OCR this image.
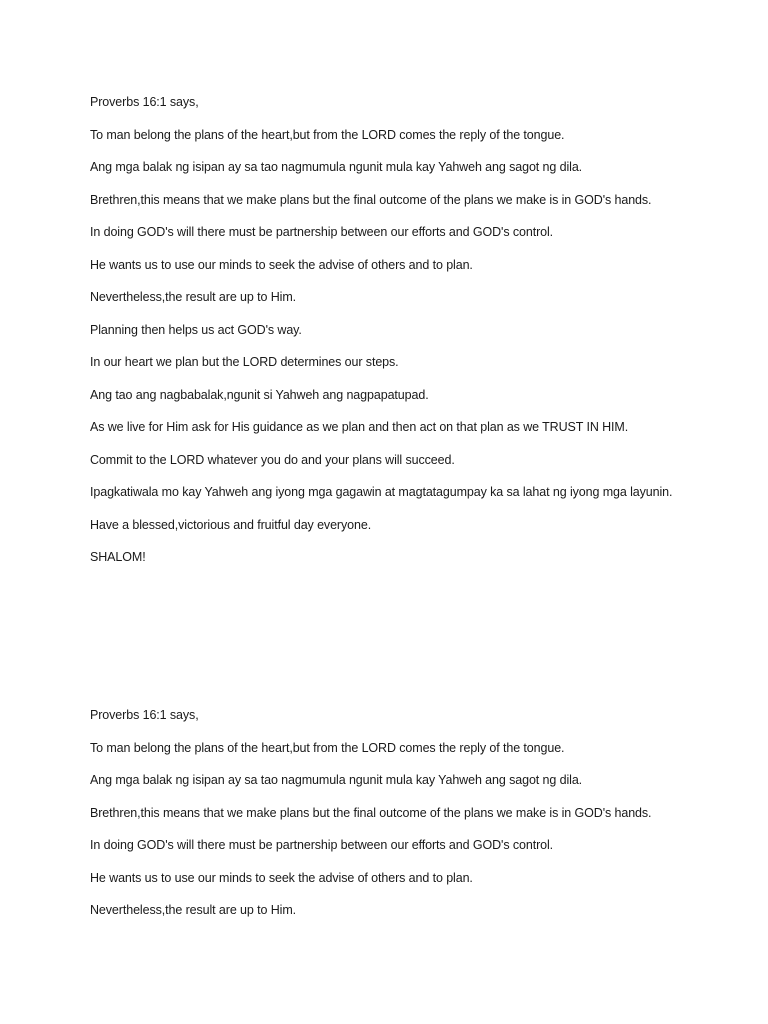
Proverbs 16:1 says,

To man belong the plans of the heart,but from the LORD comes the reply of the tongue.

Ang mga balak ng isipan ay sa tao nagmumula ngunit mula kay Yahweh ang sagot ng dila.

Brethren,this means that we make plans but the final outcome of the plans we make is in GOD's hands.

In doing GOD's will there must be partnership between our efforts and GOD's control.

He wants us to use our minds to seek the advise of others and to plan.

Nevertheless,the result are up to Him.

Planning then helps us act GOD's way.

In our heart we plan but the LORD determines our steps.

Ang tao ang nagbabalak,ngunit si Yahweh ang nagpapatupad.

As we live for Him ask for His guidance as we plan and then act on that plan as we TRUST IN HIM.

Commit to the LORD whatever you do and your plans will succeed.

Ipagkatiwala mo kay Yahweh ang iyong mga gagawin at magtatagumpay ka sa lahat ng iyong mga layunin.

Have a blessed,victorious and fruitful day everyone.

SHALOM!

Proverbs 16:1 says,

To man belong the plans of the heart,but from the LORD comes the reply of the tongue.

Ang mga balak ng isipan ay sa tao nagmumula ngunit mula kay Yahweh ang sagot ng dila.

Brethren,this means that we make plans but the final outcome of the plans we make is in GOD's hands.

In doing GOD's will there must be partnership between our efforts and GOD's control.

He wants us to use our minds to seek the advise of others and to plan.

Nevertheless,the result are up to Him.
